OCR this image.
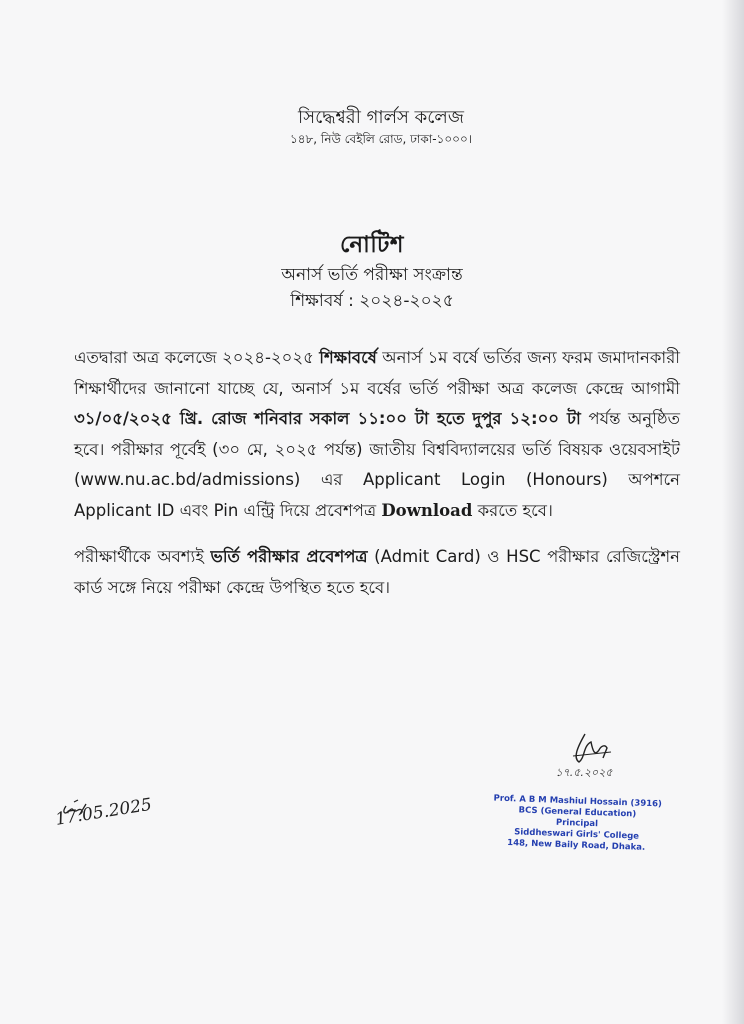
সিদ্ধেশ্বরী গার্লস কলেজ
১৪৮, নিউ বেইলি রোড, ঢাকা-১০০০।
নোটিশ
অনার্স ভর্তি পরীক্ষা সংক্রান্ত
শিক্ষাবর্ষ : ২০২৪-২০২৫

এতদ্বারা অত্র কলেজে ২০২৪-২০২৫ শিক্ষাবর্ষে অনার্স ১ম বর্ষে ভর্তির জন্য ফরম জমাদানকারী শিক্ষার্থীদের জানানো যাচ্ছে যে, অনার্স ১ম বর্ষের ভর্তি পরীক্ষা অত্র কলেজ কেন্দ্রে আগামী ৩১/০৫/২০২৫ খ্রি. রোজ শনিবার সকাল ১১:০০ টা হতে দুপুর ১২:০০ টা পর্যন্ত অনুষ্ঠিত হবে। পরীক্ষার পূর্বেই (৩০ মে, ২০২৫ পর্যন্ত) জাতীয় বিশ্ববিদ্যালয়ের ভর্তি বিষয়ক ওয়েবসাইট (www.nu.ac.bd/admissions) এর Applicant Login (Honours) অপশনে Applicant ID এবং Pin এন্ট্রি দিয়ে প্রবেশপত্র Download করতে হবে।

পরীক্ষার্থীকে অবশ্যই ভর্তি পরীক্ষার প্রবেশপত্র (Admit Card) ও HSC পরীক্ষার রেজিস্ট্রেশন কার্ড সঙ্গে নিয়ে পরীক্ষা কেন্দ্রে উপস্থিত হতে হবে।

১৭.৫.২০২৫
Prof. A B M Mashiul Hossain (3916)
BCS (General Education)
Principal
Siddheswari Girls' College
148, New Baily Road, Dhaka.
17.05.2025
